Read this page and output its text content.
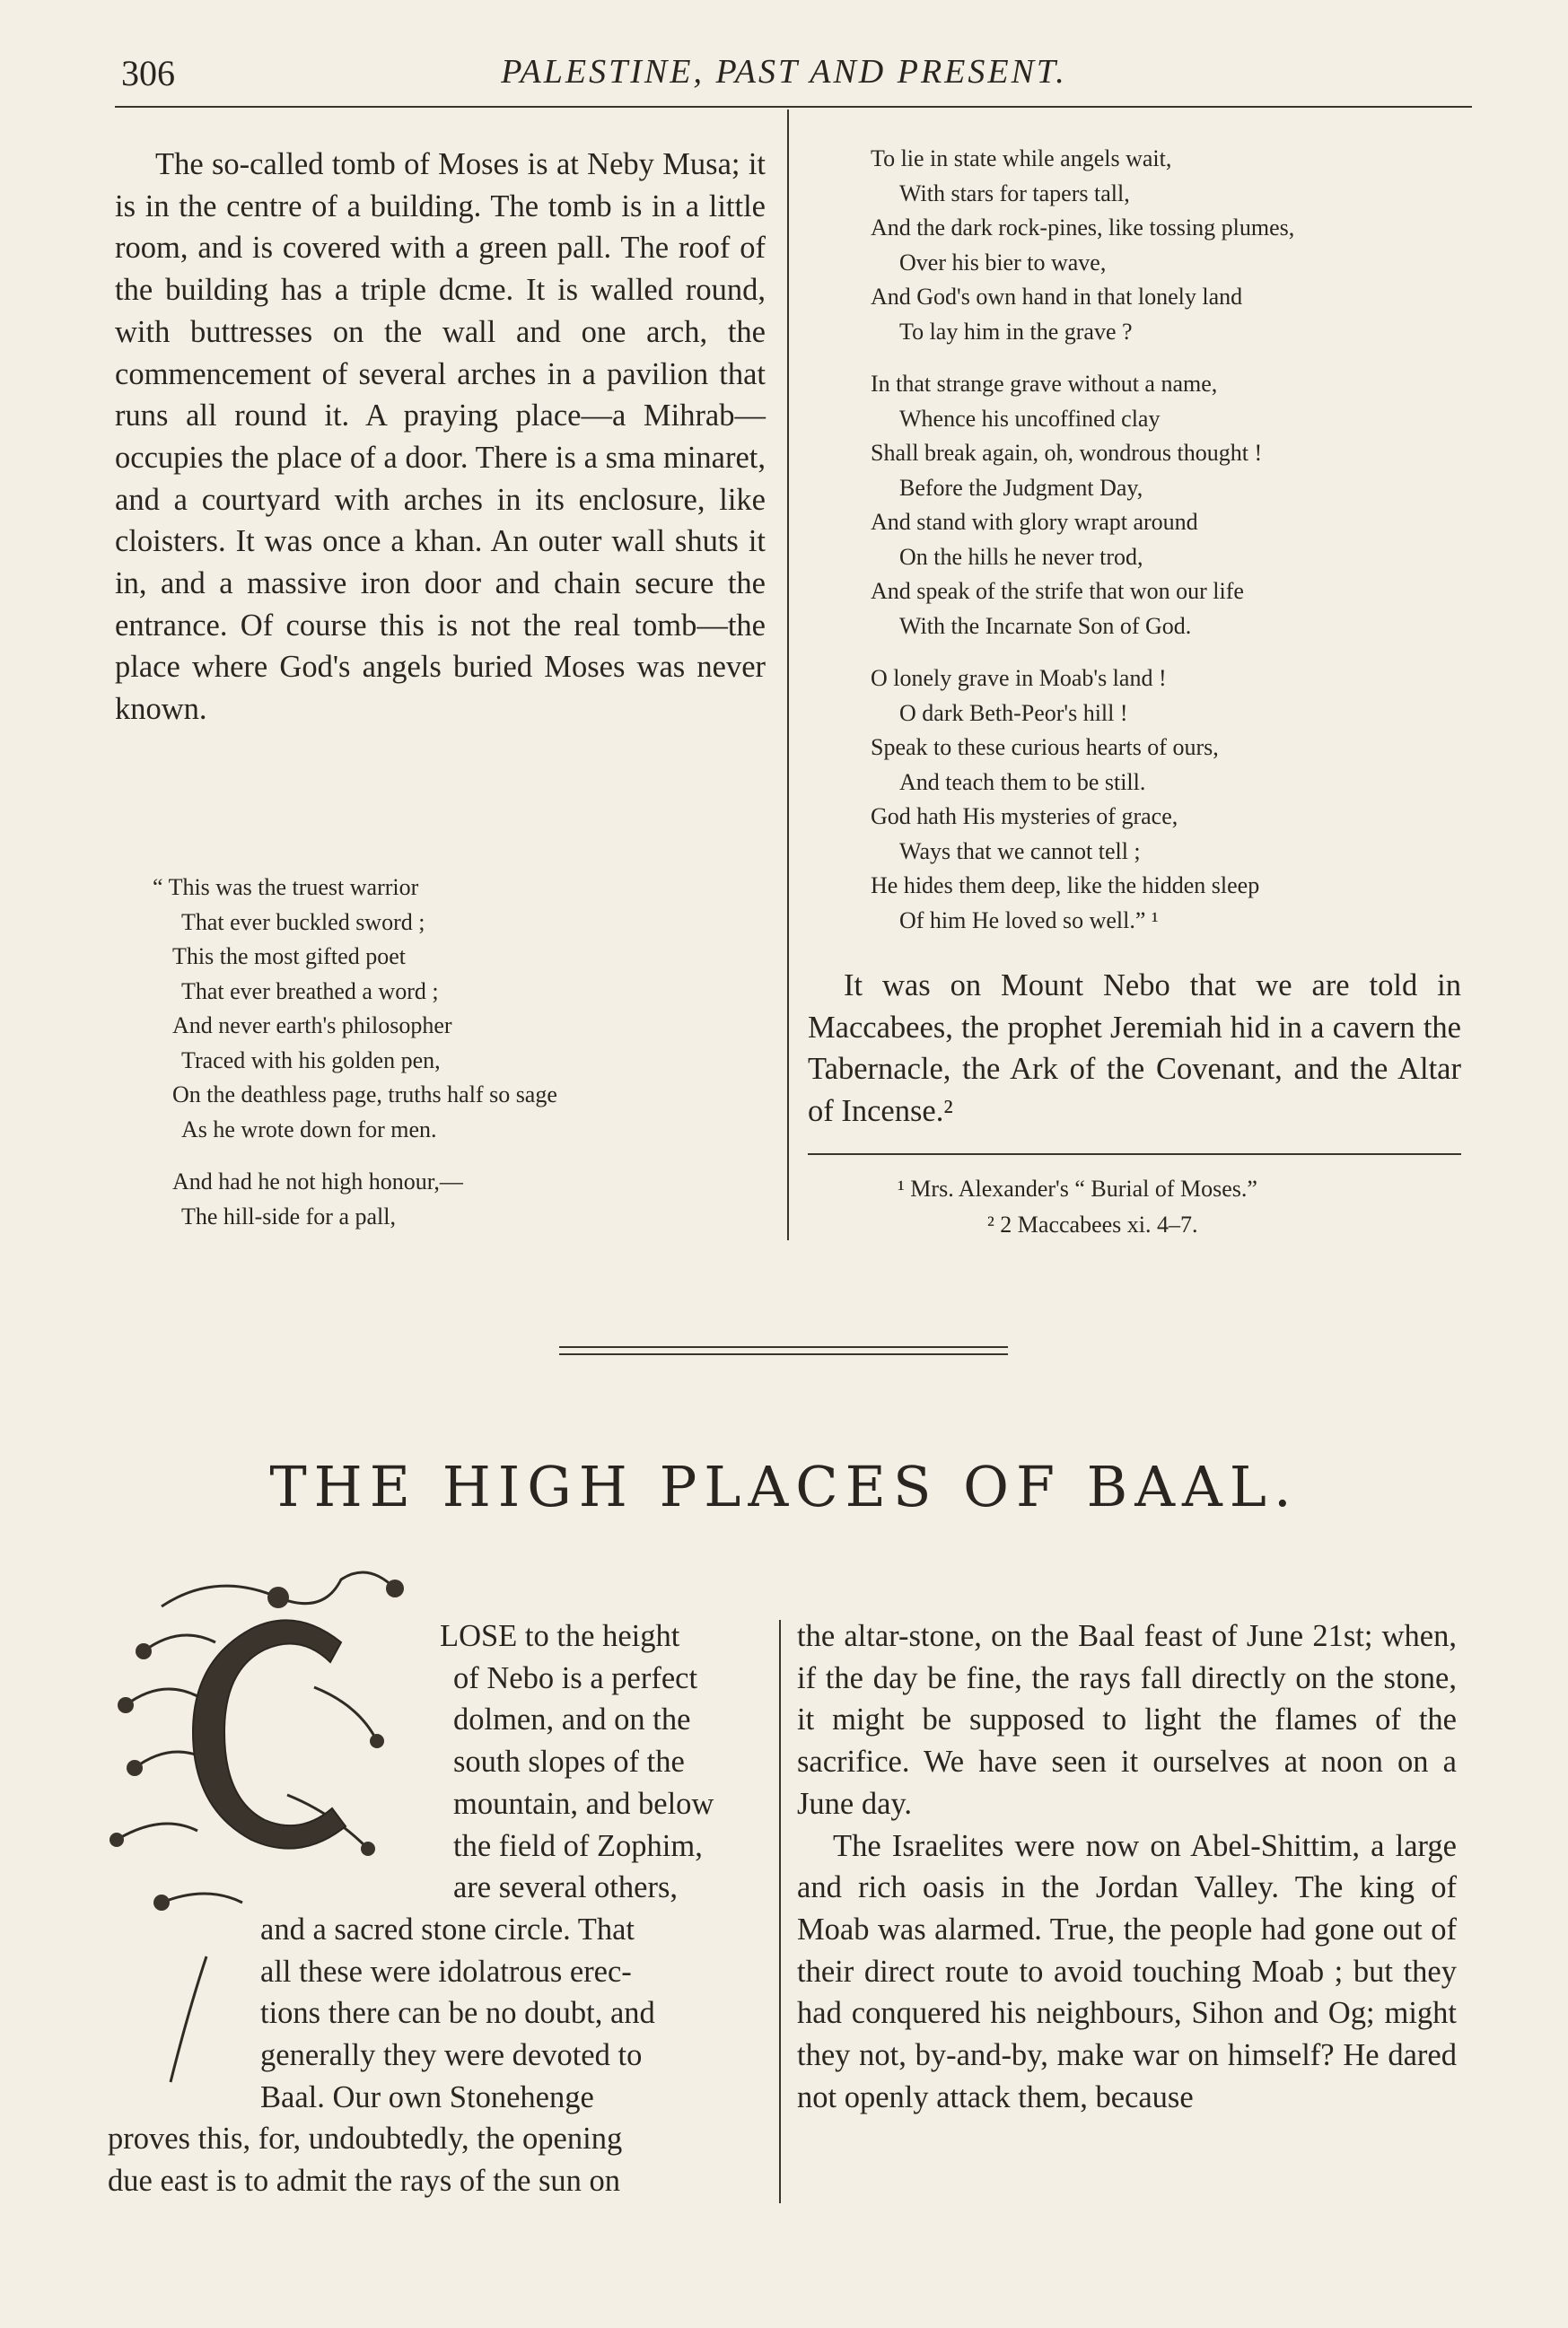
306	PALESTINE, PAST AND PRESENT.

The so-called tomb of Moses is at Neby Musa; it is in the centre of a building. The tomb is in a little room, and is covered with a green pall. The roof of the building has a triple dcme. It is walled round, with buttresses on the wall and one arch, the commencement of several arches in a pavilion that runs all round it. A praying place—a Mihrab—occupies the place of a door. There is a sma minaret, and a courtyard with arches in its enclosure, like cloisters. It was once a khan. An outer wall shuts it in, and a massive iron door and chain secure the entrance. Of course this is not the real tomb—the place where God's angels buried Moses was never known.

“ This was the truest warrior
That ever buckled sword ;
This the most gifted poet
That ever breathed a word ;
And never earth's philosopher
Traced with his golden pen,
On the deathless page, truths half so sage
As he wrote down for men.
And had he not high honour,—
The hill-side for a pall,
To lie in state while angels wait,
With stars for tapers tall,
And the dark rock-pines, like tossing plumes,
Over his bier to wave,
And God's own hand in that lonely land
To lay him in the grave ?
In that strange grave without a name,
Whence his uncoffined clay
Shall break again, oh, wondrous thought !
Before the Judgment Day,
And stand with glory wrapt around
On the hills he never trod,
And speak of the strife that won our life
With the Incarnate Son of God.
O lonely grave in Moab's land !
O dark Beth-Peor's hill !
Speak to these curious hearts of ours,
And teach them to be still.
God hath His mysteries of grace,
Ways that we cannot tell ;
He hides them deep, like the hidden sleep
Of him He loved so well.” ¹

It was on Mount Nebo that we are told in Maccabees, the prophet Jeremiah hid in a cavern the Tabernacle, the Ark of the Covenant, and the Altar of Incense.²

¹ Mrs. Alexander's “ Burial of Moses.”
² 2 Maccabees xi. 4–7.
THE HIGH PLACES OF BAAL.
LOSE to the height
of Nebo is a perfect
dolmen, and on the
south slopes of the
mountain, and below
the field of Zophim,
are several others,
and a sacred stone circle. That
all these were idolatrous erec-
tions there can be no doubt, and
generally they were devoted to
Baal. Our own Stonehenge
proves this, for, undoubtedly, the opening
due east is to admit the rays of the sun on

the altar-stone, on the Baal feast of June 21st; when, if the day be fine, the rays fall directly on the stone, it might be supposed to light the flames of the sacrifice. We have seen it ourselves at noon on a June day.

The Israelites were now on Abel-Shittim, a large and rich oasis in the Jordan Valley. The king of Moab was alarmed. True, the people had gone out of their direct route to avoid touching Moab ; but they had conquered his neighbours, Sihon and Og; might they not, by-and-by, make war on himself? He dared not openly attack them, because
